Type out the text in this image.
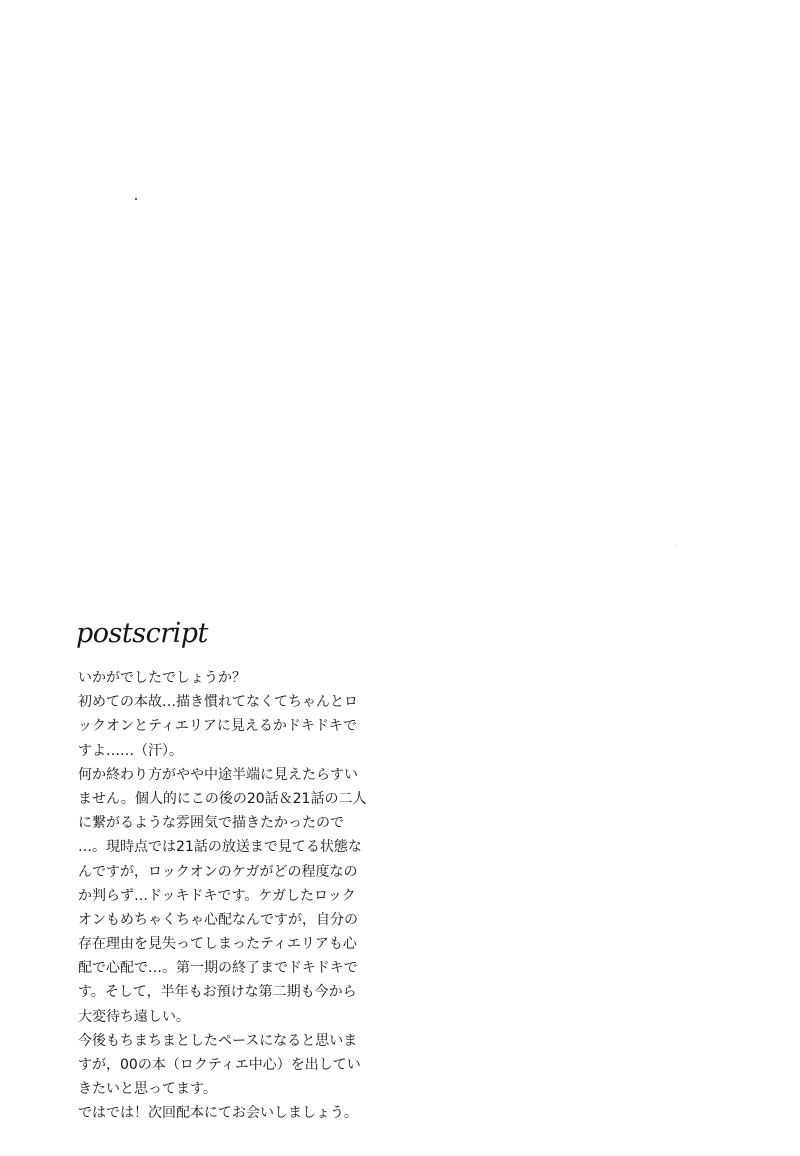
postscript
いかがでしたでしょうか？
初めての本故…描き慣れてなくてちゃんとロ
ックオンとティエリアに見えるかドキドキで
すよ……（汗）。
何か終わり方がやや中途半端に見えたらすい
ません。個人的にこの後の20話＆21話の二人
に繋がるような雰囲気で描きたかったので
…。現時点では21話の放送まで見てる状態な
んですが，ロックオンのケガがどの程度なの
か判らず…ドッキドキです。ケガしたロック
オンもめちゃくちゃ心配なんですが，自分の
存在理由を見失ってしまったティエリアも心
配で心配で…。第一期の終了までドキドキで
す。そして，半年もお預けな第二期も今から
大変待ち遠しい。
今後もちまちまとしたペースになると思いま
すが，00の本（ロクティエ中心）を出してい
きたいと思ってます。
ではでは！次回配本にてお会いしましょう。
